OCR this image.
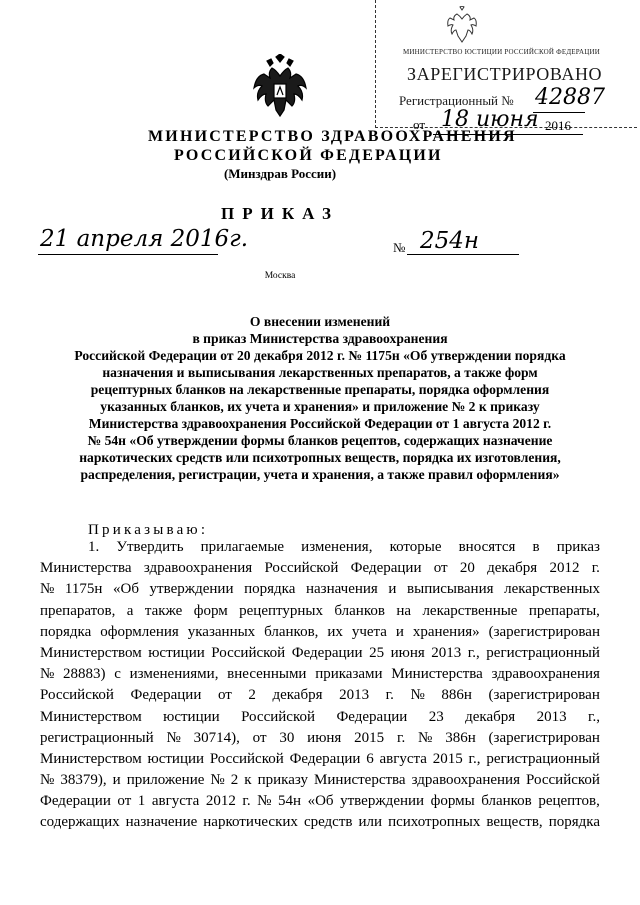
МИНИСТЕРСТВО ЮСТИЦИИ РОССИЙСКОЙ ФЕДЕРАЦИИ
ЗАРЕГИСТРИРОВАНО
Регистрационный № 42887
от 18 июня 2016
МИНИСТЕРСТВО ЗДРАВООХРАНЕНИЯ
РОССИЙСКОЙ ФЕДЕРАЦИИ
(Минздрав России)
ПРИКАЗ
21 апреля 2016г.	№ 254н
Москва
О внесении изменений
в приказ Министерства здравоохранения
Российской Федерации от 20 декабря 2012 г. № 1175н «Об утверждении порядка
назначения и выписывания лекарственных препаратов, а также форм
рецептурных бланков на лекарственные препараты, порядка оформления
указанных бланков, их учета и хранения» и приложение № 2 к приказу
Министерства здравоохранения Российской Федерации от 1 августа 2012 г.
№ 54н «Об утверждении формы бланков рецептов, содержащих назначение
наркотических средств или психотропных веществ, порядка их изготовления,
распределения, регистрации, учета и хранения, а также правил оформления»
Приказываю:
1. Утвердить прилагаемые изменения, которые вносятся в приказ
Министерства здравоохранения Российской Федерации от 20 декабря 2012 г.
№ 1175н «Об утверждении порядка назначения и выписывания лекарственных
препаратов, а также форм рецептурных бланков на лекарственные препараты,
порядка оформления указанных бланков, их учета и хранения» (зарегистрирован
Министерством юстиции Российской Федерации 25 июня 2013 г., регистрационный
№ 28883) с изменениями, внесенными приказами Министерства здравоохранения
Российской Федерации от 2 декабря 2013 г. № 886н (зарегистрирован
Министерством юстиции Российской Федерации 23 декабря 2013 г.,
регистрационный № 30714), от 30 июня 2015 г. № 386н (зарегистрирован
Министерством юстиции Российской Федерации 6 августа 2015 г., регистрационный
№ 38379), и приложение № 2 к приказу Министерства здравоохранения Российской
Федерации от 1 августа 2012 г. № 54н «Об утверждении формы бланков рецептов,
содержащих назначение наркотических средств или психотропных веществ, порядка
